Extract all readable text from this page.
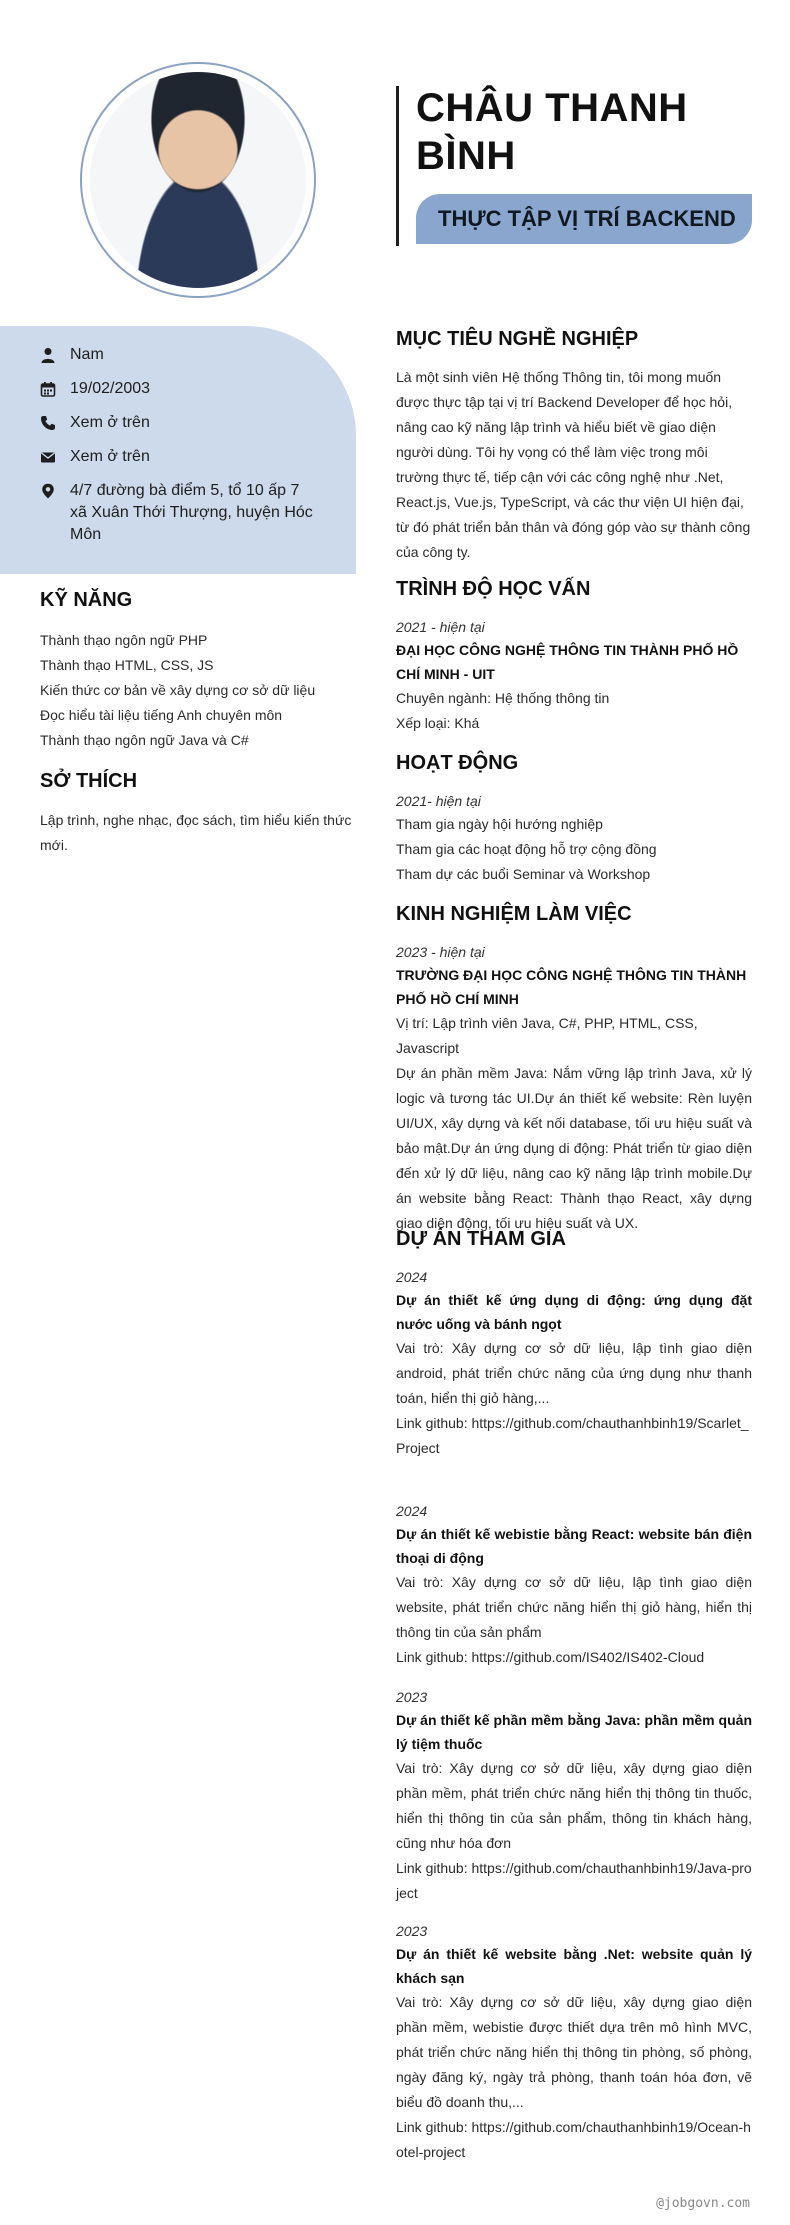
CHÂU THANH BÌNH
THỰC TẬP VỊ TRÍ BACKEND
Nam
19/02/2003
Xem ở trên
Xem ở trên
4/7 đường bà điểm 5, tổ 10 ấp 7 xã Xuân Thới Thượng, huyện Hóc Môn
KỸ NĂNG
Thành thạo ngôn ngữ PHP
Thành thạo HTML, CSS, JS
Kiến thức cơ bản về xây dựng cơ sở dữ liệu
Đọc hiểu tài liệu tiếng Anh chuyên môn
Thành thạo ngôn ngữ Java và C#
SỞ THÍCH
Lập trình, nghe nhạc, đọc sách, tìm hiểu kiến thức mới.
MỤC TIÊU NGHỀ NGHIỆP
Là một sinh viên Hệ thống Thông tin, tôi mong muốn được thực tập tại vị trí Backend Developer để học hỏi, nâng cao kỹ năng lập trình và hiểu biết về giao diện người dùng. Tôi hy vọng có thể làm việc trong môi trường thực tế, tiếp cận với các công nghệ như .Net, React.js, Vue.js, TypeScript, và các thư viện UI hiện đại, từ đó phát triển bản thân và đóng góp vào sự thành công của công ty.
TRÌNH ĐỘ HỌC VẤN
2021 - hiện tại
ĐẠI HỌC CÔNG NGHỆ THÔNG TIN THÀNH PHỐ HỒ CHÍ MINH - UIT
Chuyên ngành: Hệ thống thông tin
Xếp loại: Khá
HOẠT ĐỘNG
2021- hiện tại
Tham gia ngày hội hướng nghiệp
Tham gia các hoạt động hỗ trợ cộng đồng
Tham dự các buổi Seminar và Workshop
KINH NGHIỆM LÀM VIỆC
2023 - hiện tại
TRƯỜNG ĐẠI HỌC CÔNG NGHỆ THÔNG TIN THÀNH PHỐ HỒ CHÍ MINH
Vị trí: Lập trình viên Java, C#, PHP, HTML, CSS, Javascript
Dự án phần mềm Java: Nắm vững lập trình Java, xử lý logic và tương tác UI.Dự án thiết kế website: Rèn luyện UI/UX, xây dựng và kết nối database, tối ưu hiệu suất và bảo mật.Dự án ứng dụng di động: Phát triển từ giao diện đến xử lý dữ liệu, nâng cao kỹ năng lập trình mobile.Dự án website bằng React: Thành thạo React, xây dựng giao diện động, tối ưu hiệu suất và UX.
DỰ ÁN THAM GIA
2024
Dự án thiết kế ứng dụng di động: ứng dụng đặt nước uống và bánh ngọt
Vai trò: Xây dựng cơ sở dữ liệu, lập tình giao diện android, phát triển chức năng của ứng dụng như thanh toán, hiển thị giỏ hàng,...
Link github: https://github.com/chauthanhbinh19/Scarlet_Project
2024
Dự án thiết kế webistie bằng React: website bán điện thoại di động
Vai trò: Xây dựng cơ sở dữ liệu, lập tình giao diện website, phát triển chức năng hiển thị giỏ hàng, hiển thị thông tin của sản phẩm
Link github: https://github.com/IS402/IS402-Cloud
2023
Dự án thiết kế phần mềm bằng Java: phần mềm quản lý tiệm thuốc
Vai trò: Xây dựng cơ sở dữ liệu, xây dựng giao diện phần mềm, phát triển chức năng hiển thị thông tin thuốc, hiển thị thông tin của sản phẩm, thông tin khách hàng, cũng như hóa đơn
Link github: https://github.com/chauthanhbinh19/Java-project
2023
Dự án thiết kế website bằng .Net: website quản lý khách sạn
Vai trò: Xây dựng cơ sở dữ liệu, xây dựng giao diện phần mềm, webistie được thiết dựa trên mô hình MVC, phát triển chức năng hiển thị thông tin phòng, số phòng, ngày đăng ký, ngày trả phòng, thanh toán hóa đơn, vẽ biểu đồ doanh thu,...
Link github: https://github.com/chauthanhbinh19/Ocean-hotel-project
@jobgovn.com
